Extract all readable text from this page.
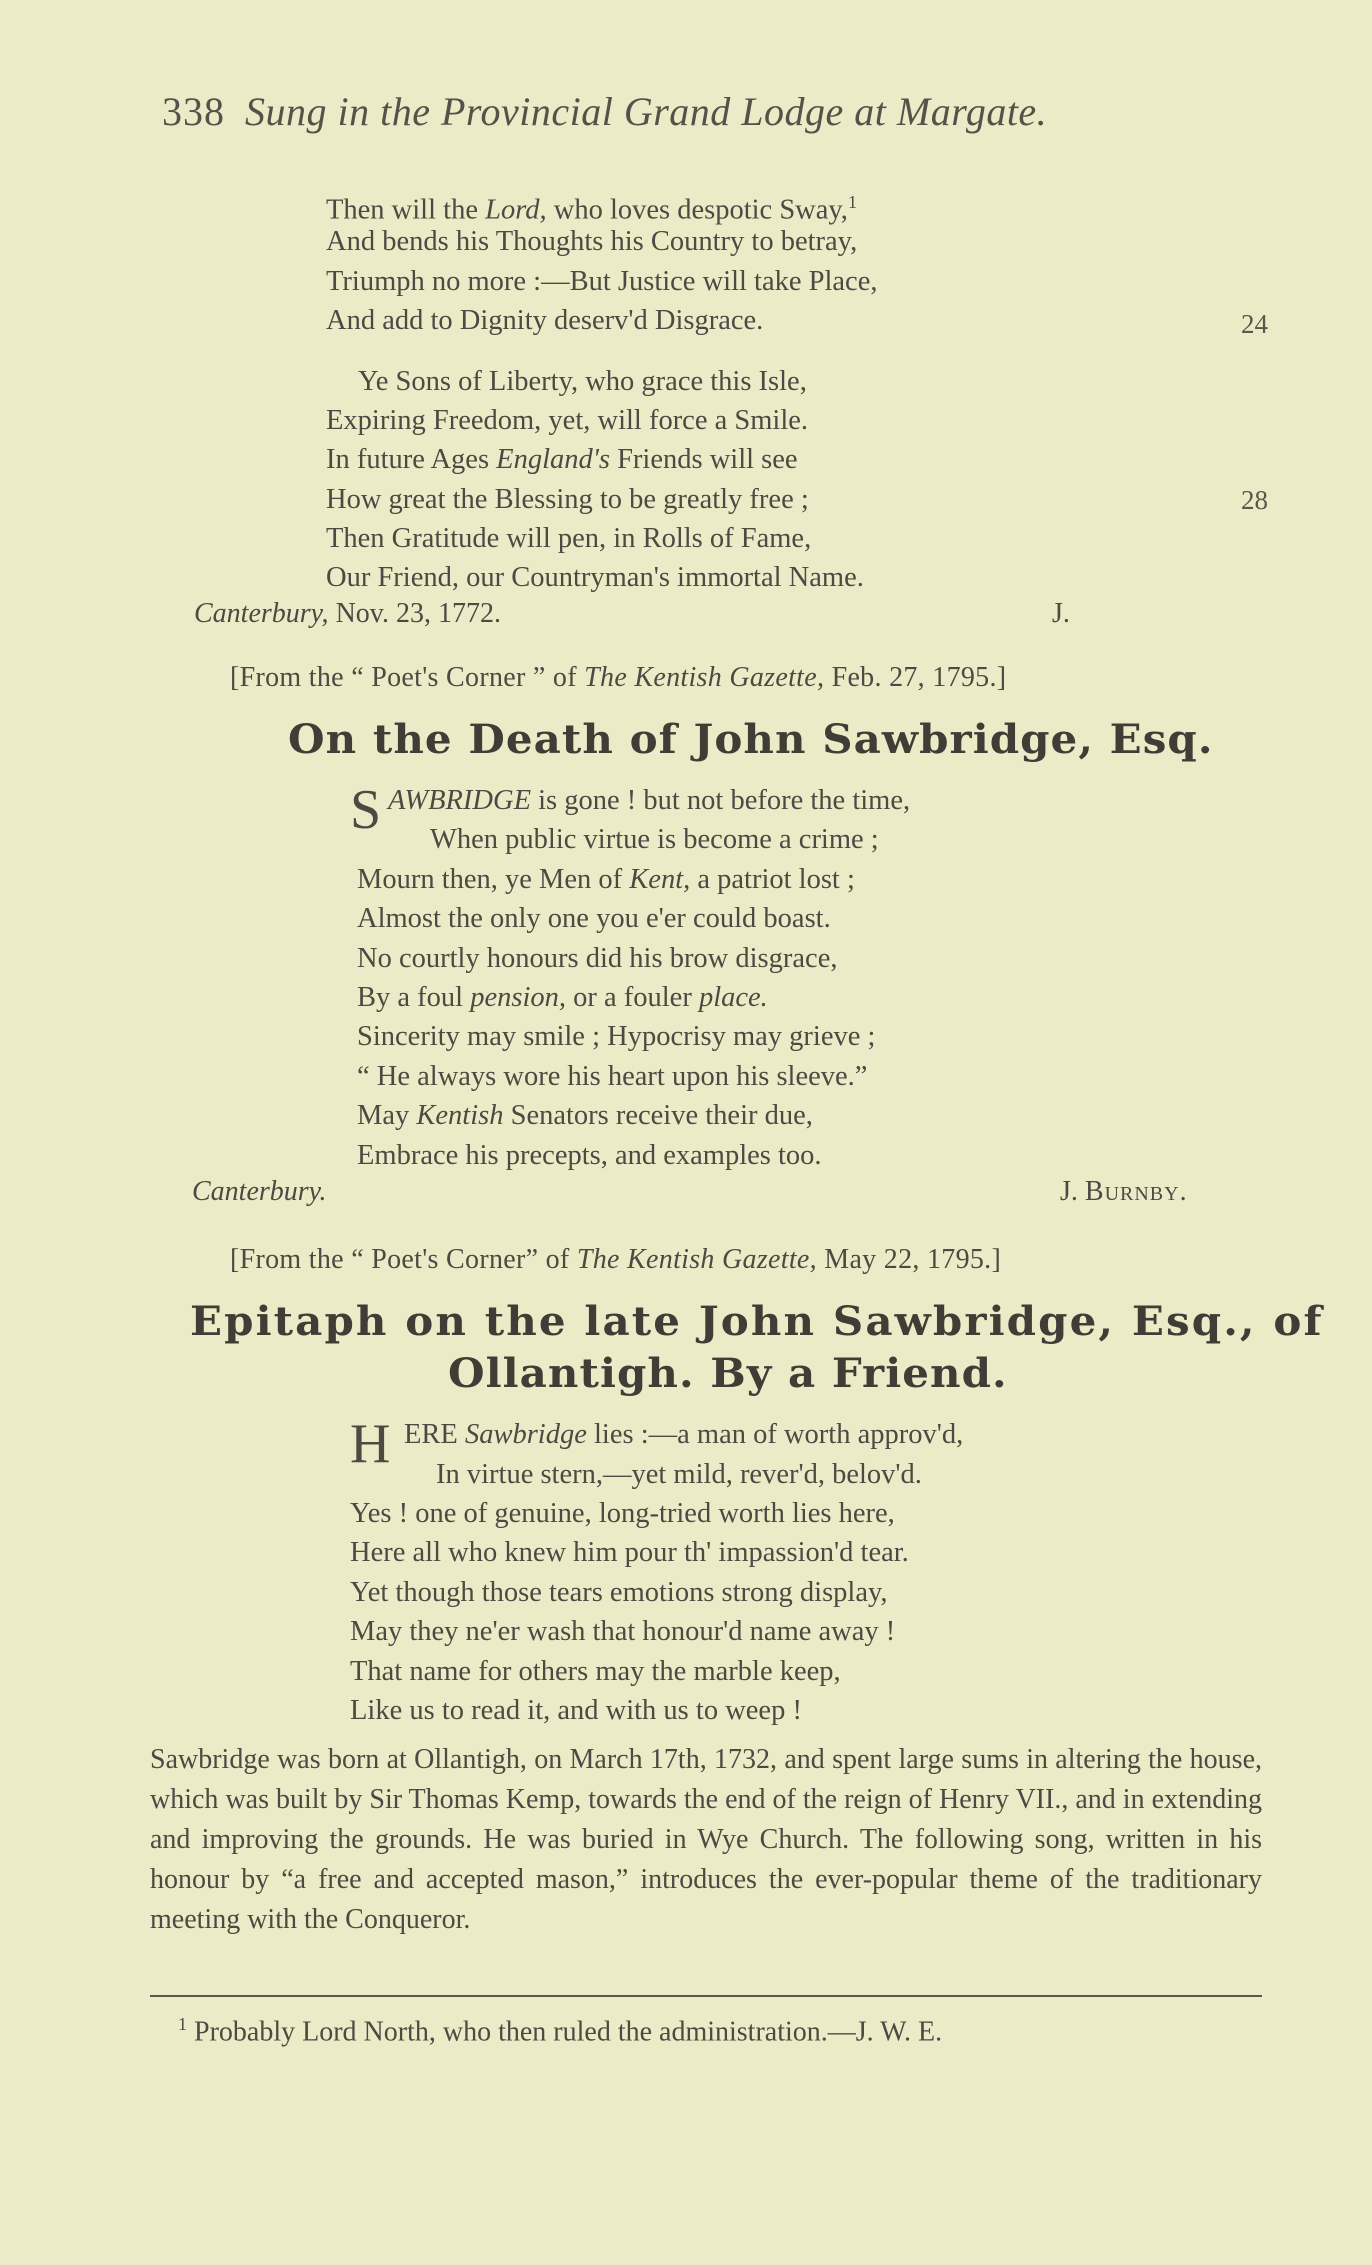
338 Sung in the Provincial Grand Lodge at Margate.
Then will the Lord, who loves despotic Sway,$^1$
And bends his Thoughts his Country to betray,
Triumph no more :—But Justice will take Place,
And add to Dignity deserv'd Disgrace.	24
Ye Sons of Liberty, who grace this Isle,
Expiring Freedom, yet, will force a Smile.
In future Ages England's Friends will see
How great the Blessing to be greatly free ;	28
Then Gratitude will pen, in Rolls of Fame,
Our Friend, our Countryman's immortal Name.
Canterbury, Nov. 23, 1772.	J.
[From the “ Poet's Corner ” of The Kentish Gazette, Feb. 27, 1795.]
On the Death of John Sawbridge, Esq.
S AWBRIDGE is gone ! but not before the time,
When public virtue is become a crime ;
Mourn then, ye Men of Kent, a patriot lost ;
Almost the only one you e'er could boast.
No courtly honours did his brow disgrace,
By a foul pension, or a fouler place.
Sincerity may smile ; Hypocrisy may grieve ;
“ He always wore his heart upon his sleeve.”
May Kentish Senators receive their due,
Embrace his precepts, and examples too.
Canterbury.	J. Burnby.
[From the “ Poet's Corner” of The Kentish Gazette, May 22, 1795.]
Epitaph on the late John Sawbridge, Esq., of
Ollantigh. By a Friend.
H ERE Sawbridge lies :—a man of worth approv'd,
In virtue stern,—yet mild, rever'd, belov'd.
Yes ! one of genuine, long-tried worth lies here,
Here all who knew him pour th' impassion'd tear.
Yet though those tears emotions strong display,
May they ne'er wash that honour'd name away !
That name for others may the marble keep,
Like us to read it, and with us to weep !
Sawbridge was born at Ollantigh, on March 17th, 1732, and spent large sums in altering the house, which was built by Sir Thomas Kemp, towards the end of the reign of Henry VII., and in extending and improving the grounds. He was buried in Wye Church. The following song, written in his honour by “a free and accepted mason,” introduces the ever-popular theme of the traditionary meeting with the Conqueror.
$^1$ Probably Lord North, who then ruled the administration.—J. W. E.
